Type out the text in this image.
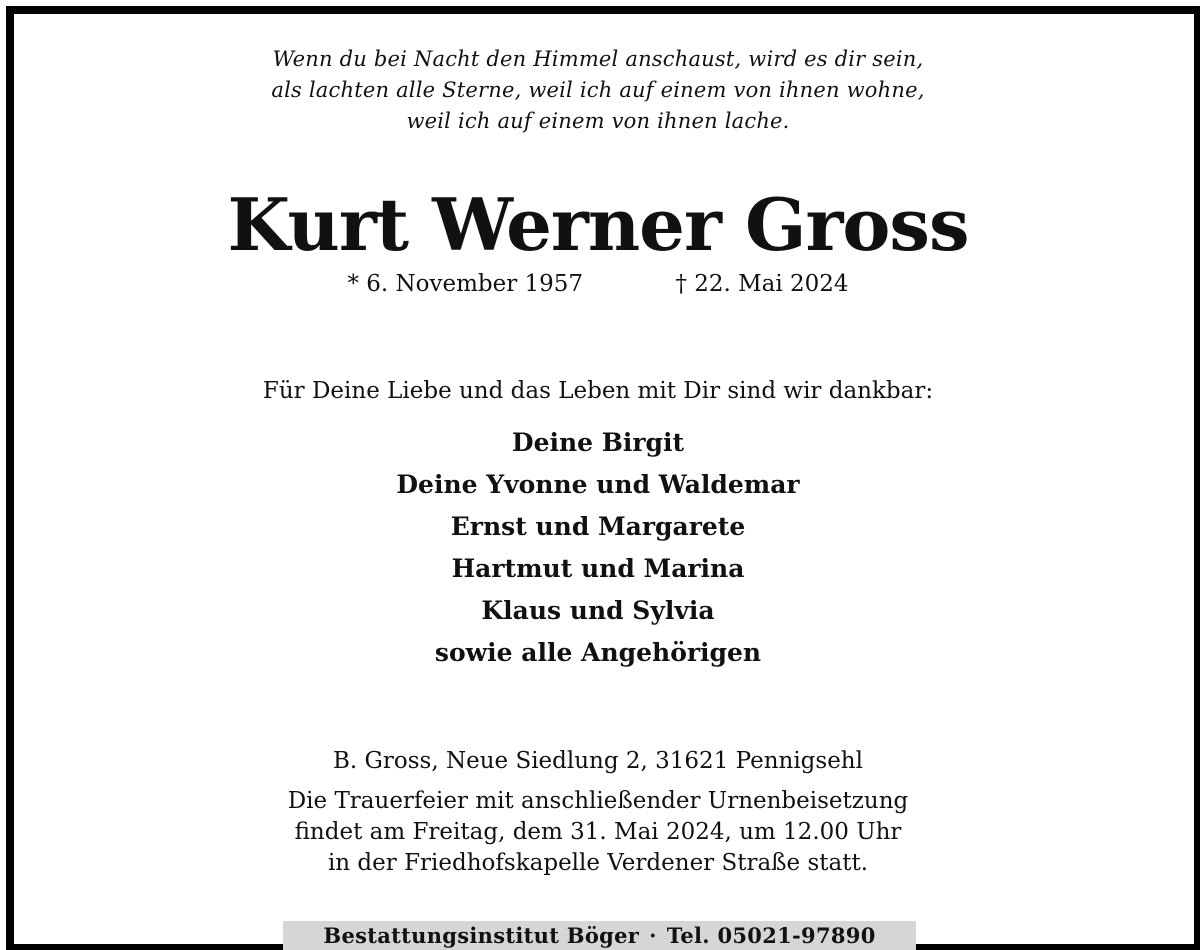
Wenn du bei Nacht den Himmel anschaust, wird es dir sein,
als lachten alle Sterne, weil ich auf einem von ihnen wohne,
weil ich auf einem von ihnen lache.
Kurt Werner Gross
* 6. November 1957	† 22. Mai 2024
Für Deine Liebe und das Leben mit Dir sind wir dankbar:
Deine Birgit
Deine Yvonne und Waldemar
Ernst und Margarete
Hartmut und Marina
Klaus und Sylvia
sowie alle Angehörigen
B. Gross, Neue Siedlung 2, 31621 Pennigsehl
Die Trauerfeier mit anschließender Urnenbeisetzung
findet am Freitag, dem 31. Mai 2024, um 12.00 Uhr
in der Friedhofskapelle Verdener Straße statt.
Bestattungsinstitut Böger · Tel. 05021-97890
